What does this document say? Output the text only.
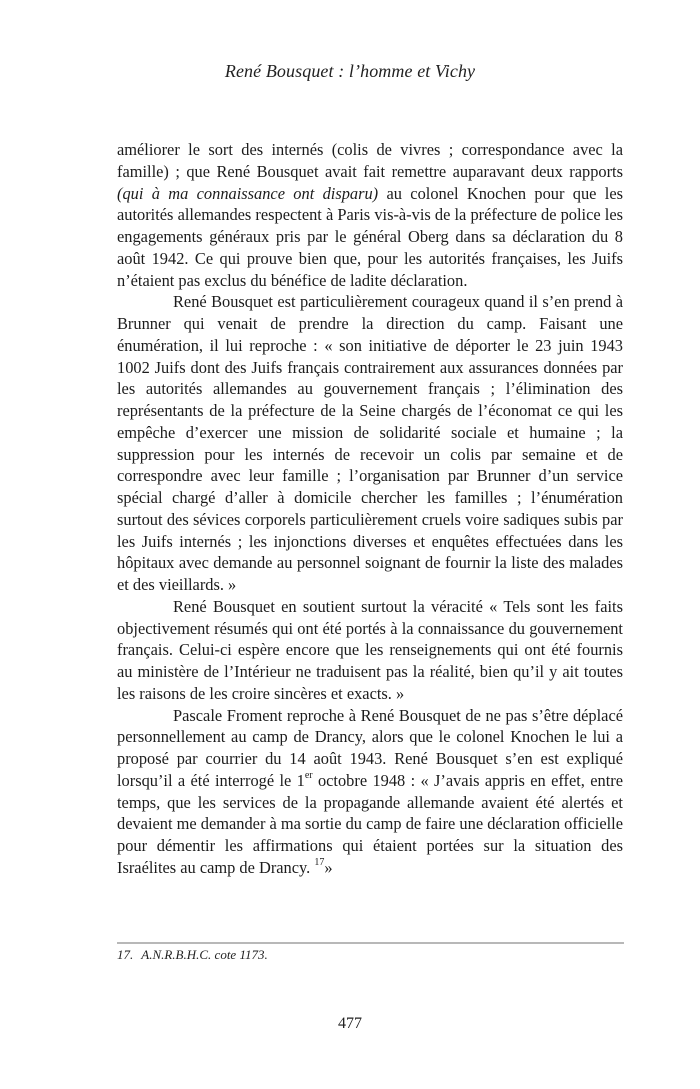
René Bousquet : l’homme et Vichy

améliorer le sort des internés (colis de vivres ; correspondance avec la famille) ; que René Bousquet avait fait remettre auparavant deux rapports (qui à ma connaissance ont disparu) au colonel Knochen pour que les autorités allemandes respectent à Paris vis-à-vis de la préfecture de police les engagements généraux pris par le général Oberg dans sa déclaration du 8 août 1942. Ce qui prouve bien que, pour les autorités françaises, les Juifs n’étaient pas exclus du bénéfice de ladite déclaration.

René Bousquet est particulièrement courageux quand il s’en prend à Brunner qui venait de prendre la direction du camp. Faisant une énumération, il lui reproche : « son initiative de déporter le 23 juin 1943 1002 Juifs dont des Juifs français contrairement aux assurances données par les autorités allemandes au gouvernement français ; l’élimination des représentants de la préfecture de la Seine chargés de l’économat ce qui les empêche d’exercer une mission de solidarité sociale et humaine ; la suppression pour les internés de recevoir un colis par semaine et de correspondre avec leur famille ; l’organisation par Brunner d’un service spécial chargé d’aller à domicile chercher les familles ; l’énumération surtout des sévices corporels particulièrement cruels voire sadiques subis par les Juifs internés ; les injonctions diverses et enquêtes effectuées dans les hôpitaux avec demande au personnel soignant de fournir la liste des malades et des vieillards. »

René Bousquet en soutient surtout la véracité « Tels sont les faits objectivement résumés qui ont été portés à la connaissance du gouvernement français. Celui-ci espère encore que les renseignements qui ont été fournis au ministère de l’Intérieur ne traduisent pas la réalité, bien qu’il y ait toutes les raisons de les croire sincères et exacts. »

Pascale Froment reproche à René Bousquet de ne pas s’être déplacé personnellement au camp de Drancy, alors que le colonel Knochen le lui a proposé par courrier du 14 août 1943. René Bousquet s’en est expliqué lorsqu’il a été interrogé le 1er octobre 1948 : « J’avais appris en effet, entre temps, que les services de la propagande allemande avaient été alertés et devaient me demander à ma sortie du camp de faire une déclaration officielle pour démentir les affirmations qui étaient portées sur la situation des Israélites au camp de Drancy. $^{17}$»

17. A.N.R.B.H.C. cote 1173.
477
